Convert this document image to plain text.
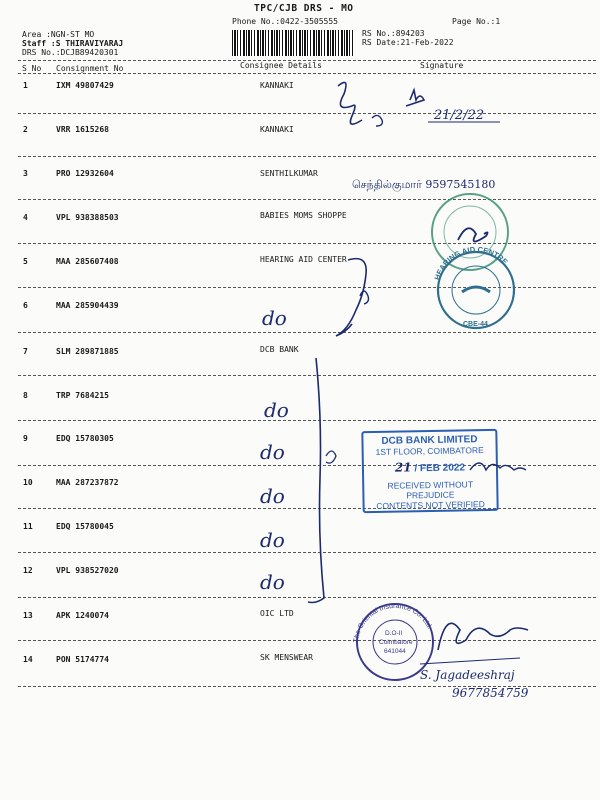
TPC/CJB DRS - MO
Phone No.:0422-3505555	Page No.:1
Area :NGN-ST MO
Staff :S THIRAVIYARAJ
DRS No.:DCJB89420301
RS No.:894203
RS Date:21-Feb-2022
S No Consignment No	Consignee Details	Signature
1	IXM 49807429	KANNAKI
2	VRR 1615268	KANNAKI
3	PRO 12932604	SENTHILKUMAR
4	VPL 938388503	BABIES MOMS SHOPPE
5	MAA 285607408	HEARING AID CENTER
6	MAA 285904439
7	SLM 289871885	DCB BANK
8	TRP 7684215
9	EDQ 15780305
10	MAA 287237872
11	EDQ 15780045
12	VPL 938527020
13	APK 1240074	OIC LTD
14	PON 5174774	SK MENSWEAR
21/2/22
செந்தில்குமார் 9597545180
do
do
do
do
do
do
S. Jagadeeshraj
9677854759
DCB BANK LIMITED
1ST FLOOR, COIMBATORE
21 / FEB 2022
RECEIVED WITHOUT PREJUDICE
CONTENTS NOT VERIFIED
HEARING AID CENTRE
CBE-44
The Oriental Insurance Co. Ltd.
D.O-II
Coimbatore
641044
